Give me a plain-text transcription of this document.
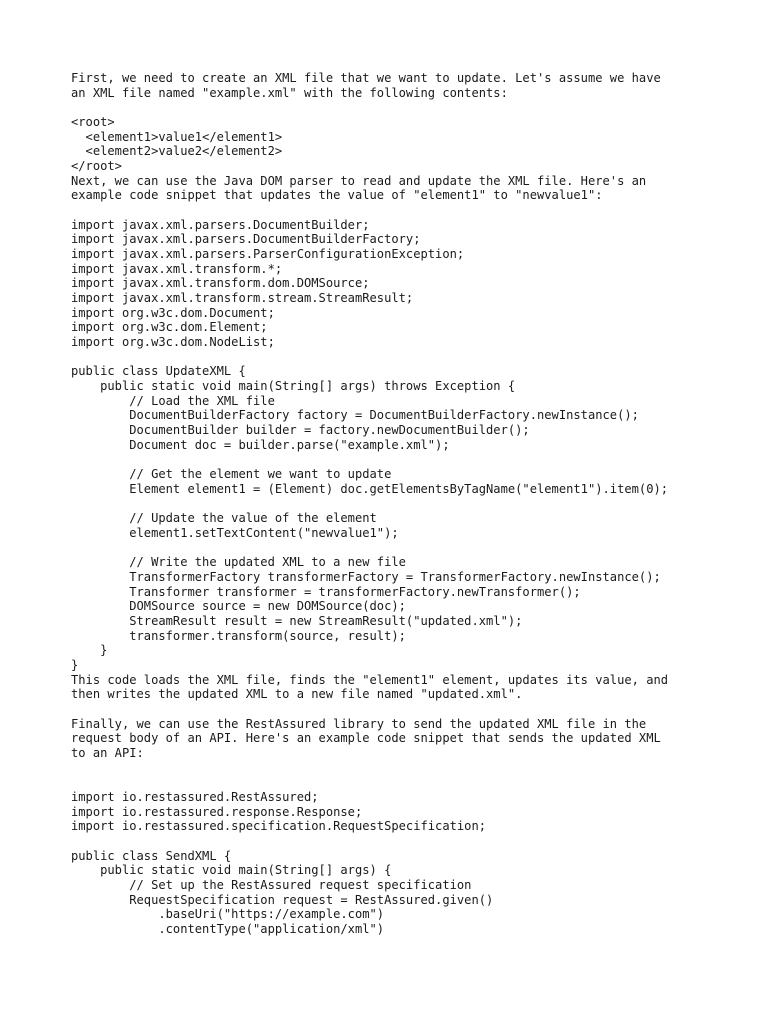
First, we need to create an XML file that we want to update. Let's assume we have
an XML file named "example.xml" with the following contents:
<root>
<element1>value1</element1>
<element2>value2</element2>
</root>
Next, we can use the Java DOM parser to read and update the XML file. Here's an
example code snippet that updates the value of "element1" to "newvalue1":
import javax.xml.parsers.DocumentBuilder;
import javax.xml.parsers.DocumentBuilderFactory;
import javax.xml.parsers.ParserConfigurationException;
import javax.xml.transform.*;
import javax.xml.transform.dom.DOMSource;
import javax.xml.transform.stream.StreamResult;
import org.w3c.dom.Document;
import org.w3c.dom.Element;
import org.w3c.dom.NodeList;
public class UpdateXML {
public static void main(String[] args) throws Exception {
// Load the XML file
DocumentBuilderFactory factory = DocumentBuilderFactory.newInstance();
DocumentBuilder builder = factory.newDocumentBuilder();
Document doc = builder.parse("example.xml");
// Get the element we want to update
Element element1 = (Element) doc.getElementsByTagName("element1").item(0);
// Update the value of the element
element1.setTextContent("newvalue1");
// Write the updated XML to a new file
TransformerFactory transformerFactory = TransformerFactory.newInstance();
Transformer transformer = transformerFactory.newTransformer();
DOMSource source = new DOMSource(doc);
StreamResult result = new StreamResult("updated.xml");
transformer.transform(source, result);
}
}
This code loads the XML file, finds the "element1" element, updates its value, and
then writes the updated XML to a new file named "updated.xml".
Finally, we can use the RestAssured library to send the updated XML file in the
request body of an API. Here's an example code snippet that sends the updated XML
to an API:
import io.restassured.RestAssured;
import io.restassured.response.Response;
import io.restassured.specification.RequestSpecification;
public class SendXML {
public static void main(String[] args) {
// Set up the RestAssured request specification
RequestSpecification request = RestAssured.given()
.baseUri("https://example.com")
.contentType("application/xml")
